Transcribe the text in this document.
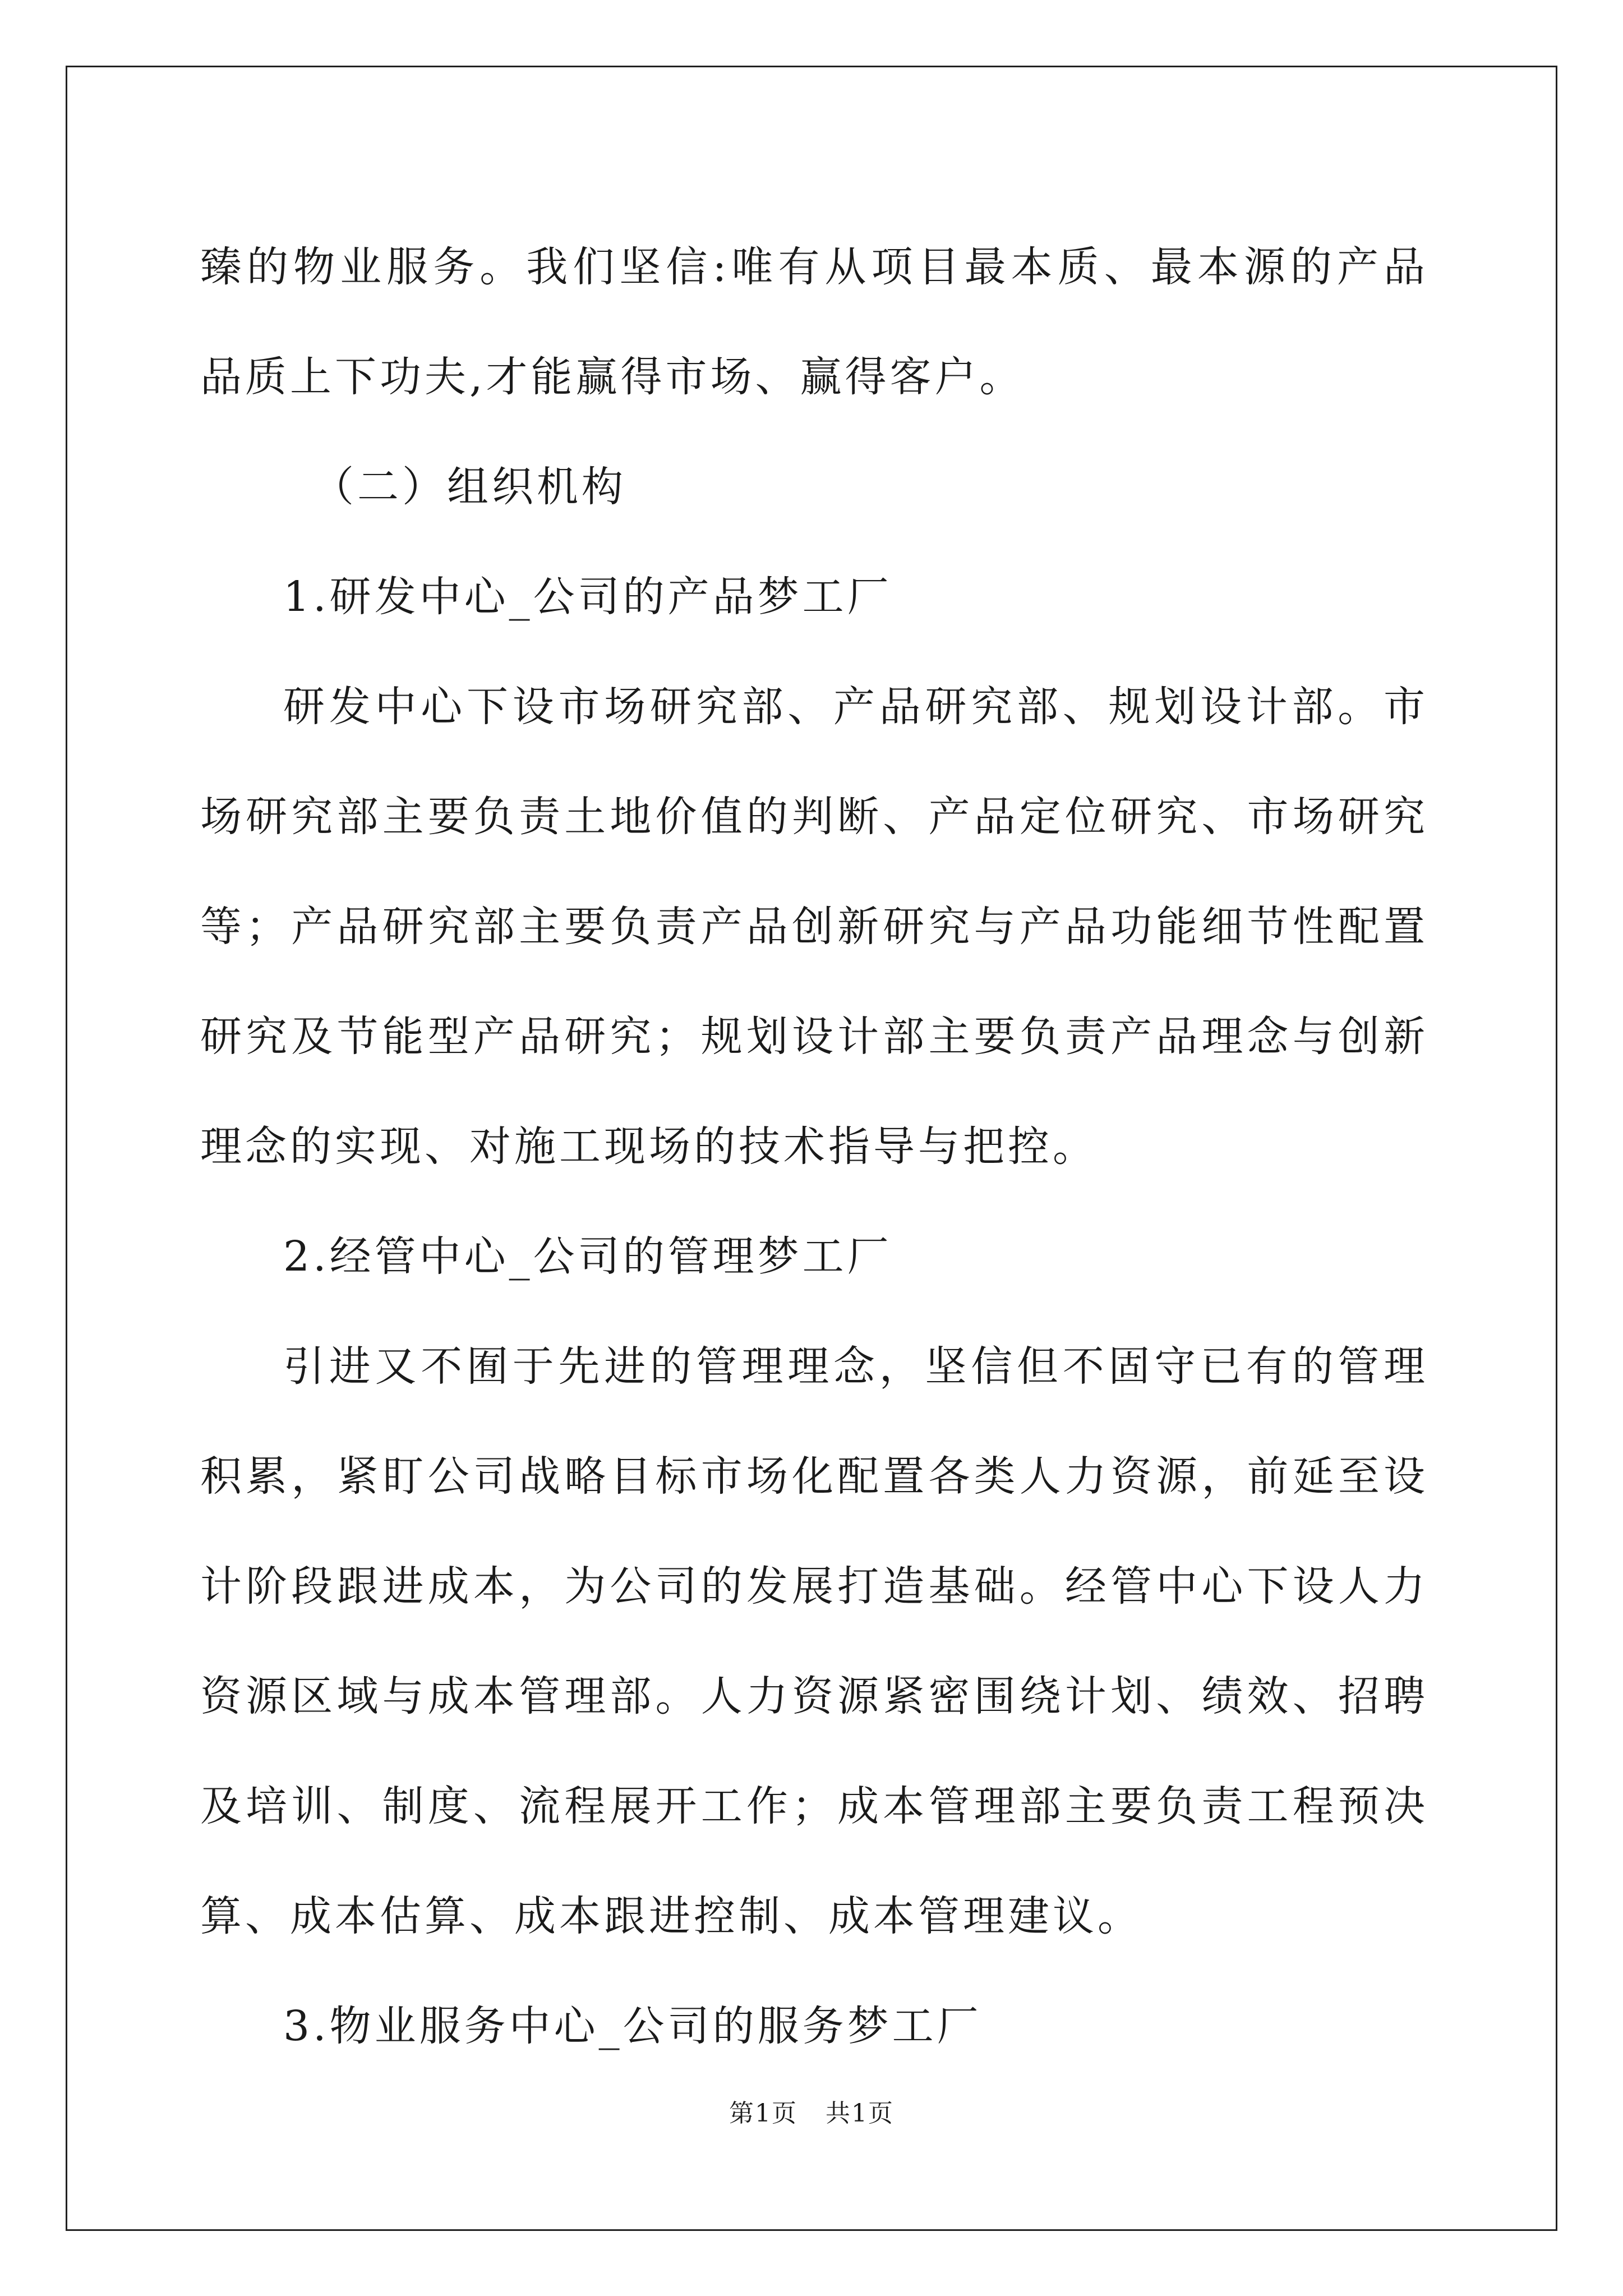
臻的物业服务。我们坚信:唯有从项目最本质、最本源的产品品质上下功夫,才能赢得市场、赢得客户。

（二）组织机构

1.研发中心_公司的产品梦工厂

研发中心下设市场研究部、产品研究部、规划设计部。市场研究部主要负责土地价值的判断、产品定位研究、市场研究等；产品研究部主要负责产品创新研究与产品功能细节性配置研究及节能型产品研究；规划设计部主要负责产品理念与创新理念的实现、对施工现场的技术指导与把控。

2.经管中心_公司的管理梦工厂

引进又不囿于先进的管理理念，坚信但不固守已有的管理积累，紧盯公司战略目标市场化配置各类人力资源，前延至设计阶段跟进成本，为公司的发展打造基础。经管中心下设人力资源区域与成本管理部。人力资源紧密围绕计划、绩效、招聘及培训、制度、流程展开工作；成本管理部主要负责工程预决算、成本估算、成本跟进控制、成本管理建议。

3.物业服务中心_公司的服务梦工厂

第1页 共1页
